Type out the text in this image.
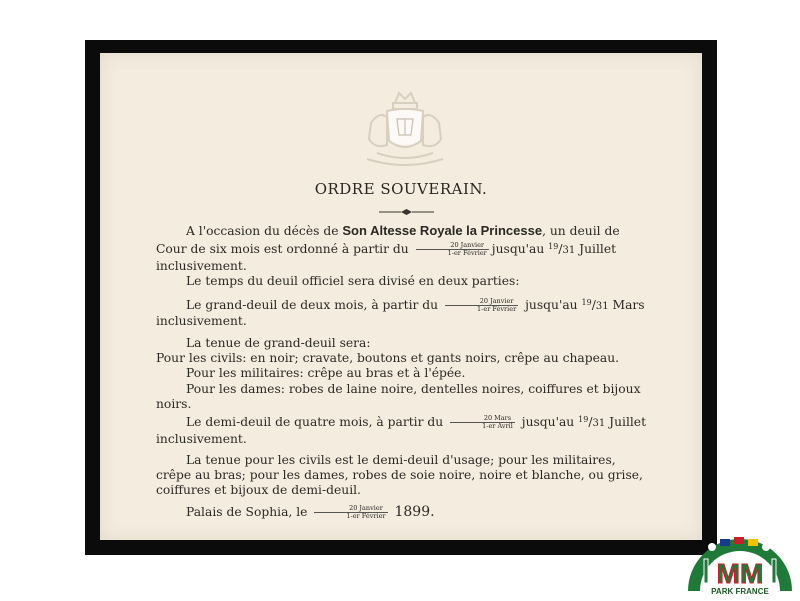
ORDRE SOUVERAIN.

A l'occasion du décès de Son Altesse Royale la Princesse, un deuil de Cour de six mois est ordonné à partir du $\frac{\text{20 Janvier}}{\text{1-er Février}}$ jusqu'au $^{19}$/31 Juillet inclusivement.

Le temps du deuil officiel sera divisé en deux parties:

Le grand-deuil de deux mois, à partir du $\frac{\text{20 Janvier}}{\text{1-er Février}}$ jusqu'au $^{19}$/31 Mars inclusivement.

La tenue de grand-deuil sera:

Pour les civils: en noir; cravate, boutons et gants noirs, crêpe au chapeau.

Pour les militaires: crêpe au bras et à l'épée.

Pour les dames: robes de laine noire, dentelles noires, coiffures et bijoux noirs.

Le demi-deuil de quatre mois, à partir du $\frac{\text{20 Mars}}{\text{1-er Avril}}$ jusqu'au $^{19}$/31 Juillet inclusivement.

La tenue pour les civils est le demi-deuil d'usage; pour les militaires, crêpe au bras; pour les dames, robes de soie noire, noire et blanche, ou grise, coiffures et bijoux de demi-deuil.

Palais de Sophia, le $\frac{\text{20 Janvier}}{\text{1-er Février}} 1899$.

MM
PARK FRANCE
